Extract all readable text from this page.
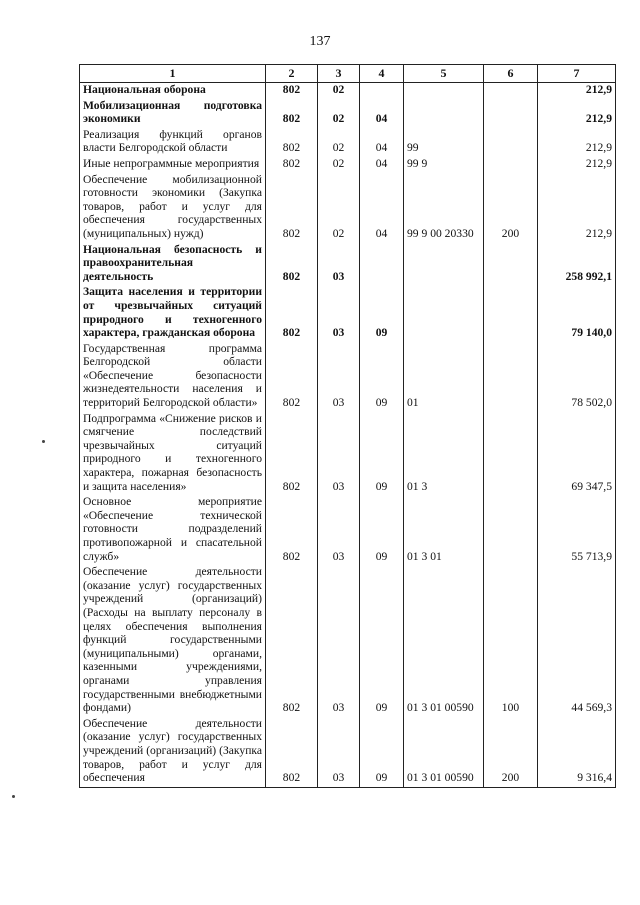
137
1	2	3	4	5	6	7
Национальная оборона	802	02				212,9
Мобилизационная подготовка экономики	802	02	04			212,9
Реализация функций органов власти Белгородской области	802	02	04	99		212,9
Иные непрограммные мероприятия	802	02	04	99 9		212,9
Обеспечение мобилизационной готовности экономики (Закупка товаров, работ и услуг для обеспечения государственных (муниципальных) нужд)	802	02	04	99 9 00 20330	200	212,9
Национальная безопасность и правоохранительная деятельность	802	03				258 992,1
Защита населения и территории от чрезвычайных ситуаций природного и техногенного характера, гражданская оборона	802	03	09			79 140,0
Государственная программа Белгородской области «Обеспечение безопасности жизнедеятельности населения и территорий Белгородской области»	802	03	09	01		78 502,0
Подпрограмма «Снижение рисков и смягчение последствий чрезвычайных ситуаций природного и техногенного характера, пожарная безопасность и защита населения»	802	03	09	01 3		69 347,5
Основное мероприятие «Обеспечение технической готовности подразделений противопожарной и спасательной служб»	802	03	09	01 3 01		55 713,9
Обеспечение деятельности (оказание услуг) государственных учреждений (организаций) (Расходы на выплату персоналу в целях обеспечения выполнения функций государственными (муниципальными) органами, казенными учреждениями, органами управления государственными внебюджетными фондами)	802	03	09	01 3 01 00590	100	44 569,3
Обеспечение деятельности (оказание услуг) государственных учреждений (организаций) (Закупка товаров, работ и услуг для обеспечения	802	03	09	01 3 01 00590	200	9 316,4
